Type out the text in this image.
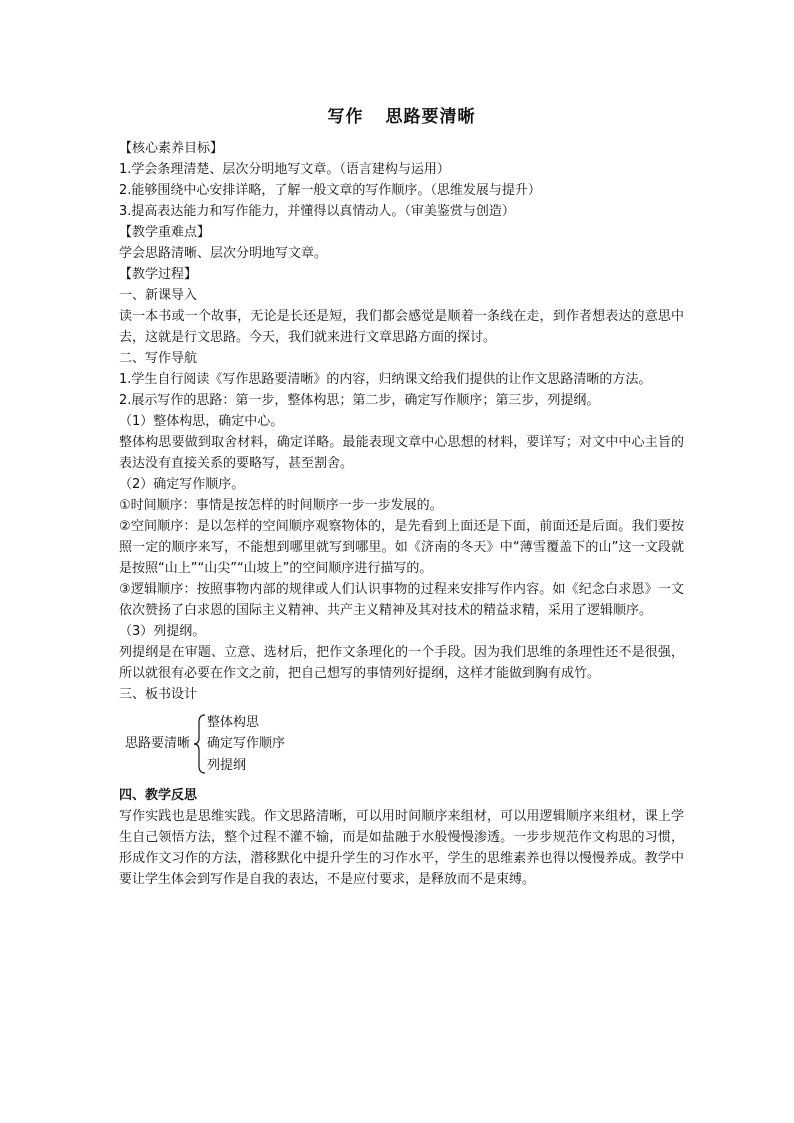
写作 思路要清晰
【核心素养目标】
1.学会条理清楚、层次分明地写文章。（语言建构与运用）
2.能够围绕中心安排详略，了解一般文章的写作顺序。（思维发展与提升）
3.提高表达能力和写作能力，并懂得以真情动人。（审美鉴赏与创造）
【教学重难点】
学会思路清晰、层次分明地写文章。
【教学过程】
一、新课导入
读一本书或一个故事，无论是长还是短，我们都会感觉是顺着一条线在走，到作者想表达的意思中去，这就是行文思路。今天，我们就来进行文章思路方面的探讨。
二、写作导航
1.学生自行阅读《写作思路要清晰》的内容，归纳课文给我们提供的让作文思路清晰的方法。
2.展示写作的思路：第一步，整体构思；第二步，确定写作顺序；第三步，列提纲。
（1）整体构思，确定中心。
整体构思要做到取舍材料，确定详略。最能表现文章中心思想的材料，要详写；对文中中心主旨的表达没有直接关系的要略写，甚至割舍。
（2）确定写作顺序。
①时间顺序：事情是按怎样的时间顺序一步一步发展的。
②空间顺序：是以怎样的空间顺序观察物体的，是先看到上面还是下面，前面还是后面。我们要按照一定的顺序来写，不能想到哪里就写到哪里。如《济南的冬天》中“薄雪覆盖下的山”这一文段就是按照“山上”“山尖”“山坡上”的空间顺序进行描写的。
③逻辑顺序：按照事物内部的规律或人们认识事物的过程来安排写作内容。如《纪念白求恩》一文依次赞扬了白求恩的国际主义精神、共产主义精神及其对技术的精益求精，采用了逻辑顺序。
（3）列提纲。
列提纲是在审题、立意、选材后，把作文条理化的一个手段。因为我们思维的条理性还不是很强，所以就很有必要在作文之前，把自己想写的事情列好提纲，这样才能做到胸有成竹。
三、板书设计
思路要清晰
整体构思
确定写作顺序
列提纲
四、教学反思
写作实践也是思维实践。作文思路清晰，可以用时间顺序来组材，可以用逻辑顺序来组材，课上学生自己领悟方法，整个过程不灌不输，而是如盐融于水般慢慢渗透。一步步规范作文构思的习惯，形成作文习作的方法，潜移默化中提升学生的习作水平，学生的思维素养也得以慢慢养成。教学中要让学生体会到写作是自我的表达，不是应付要求，是释放而不是束缚。
